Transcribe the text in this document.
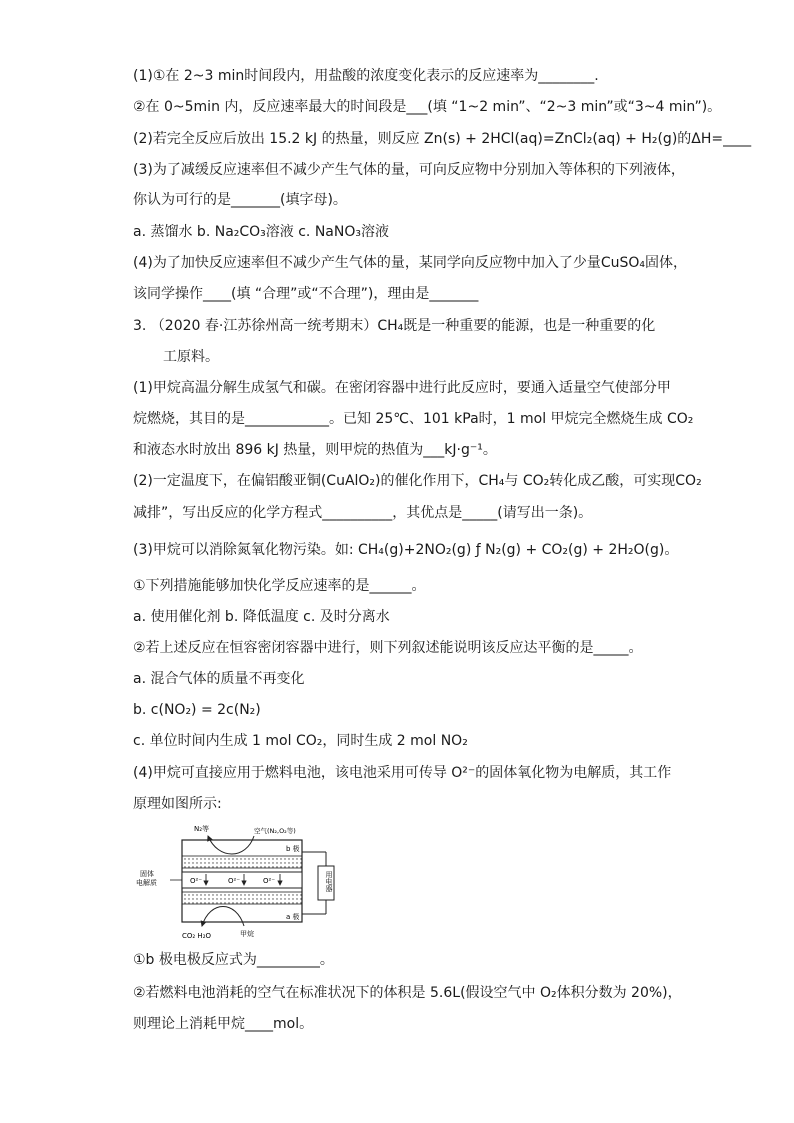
(1)①在 2~3 min时间段内，用盐酸的浓度变化表示的反应速率为________.
②在 0~5min 内，反应速率最大的时间段是___(填 “1~2 min”、“2~3 min”或“3~4 min”)。
(2)若完全反应后放出 15.2 kJ 的热量，则反应 Zn(s) + 2HCl(aq)=ZnCl₂(aq) + H₂(g)的ΔH=____
(3)为了减缓反应速率但不减少产生气体的量，可向反应物中分别加入等体积的下列液体，
你认为可行的是_______(填字母)。
a. 蒸馏水 b. Na₂CO₃溶液 c. NaNO₃溶液
(4)为了加快反应速率但不减少产生气体的量，某同学向反应物中加入了少量CuSO₄固体，
该同学操作____(填 “合理”或“不合理”)，理由是_______
3. （2020 春·江苏徐州高一统考期末）CH₄既是一种重要的能源，也是一种重要的化
工原料。
(1)甲烷高温分解生成氢气和碳。在密闭容器中进行此反应时，要通入适量空气使部分甲
烷燃烧，其目的是____________。已知 25℃、101 kPa时，1 mol 甲烷完全燃烧生成 CO₂
和液态水时放出 896 kJ 热量，则甲烷的热值为___kJ·g⁻¹。
(2)一定温度下，在偏铝酸亚铜(CuAlO₂)的催化作用下，CH₄与 CO₂转化成乙酸，可实现CO₂
减排”，写出反应的化学方程式__________，其优点是_____(请写出一条)。
(3)甲烷可以消除氮氧化物污染。如: CH₄(g)+2NO₂(g) ƒ N₂(g) + CO₂(g) + 2H₂O(g)。
①下列措施能够加快化学反应速率的是______。
a. 使用催化剂 b. 降低温度 c. 及时分离水
②若上述反应在恒容密闭容器中进行，则下列叙述能说明该反应达平衡的是_____。
a. 混合气体的质量不再变化
b. c(NO₂) = 2c(N₂)
c. 单位时间内生成 1 mol CO₂，同时生成 2 mol NO₂
(4)甲烷可直接应用于燃料电池，该电池采用可传导 O²⁻的固体氧化物为电解质，其工作
原理如图所示:
①b 极电极反应式为_________。
②若燃料电池消耗的空气在标准状况下的体积是 5.6L(假设空气中 O₂体积分数为 20%)，
则理论上消耗甲烷____mol。
N₂等	空气(N₂,O₂等)
b 极
a 极
固体
电解质	O²⁻	O²⁻	O²⁻	用电器
CO₂ H₂O	甲烷
